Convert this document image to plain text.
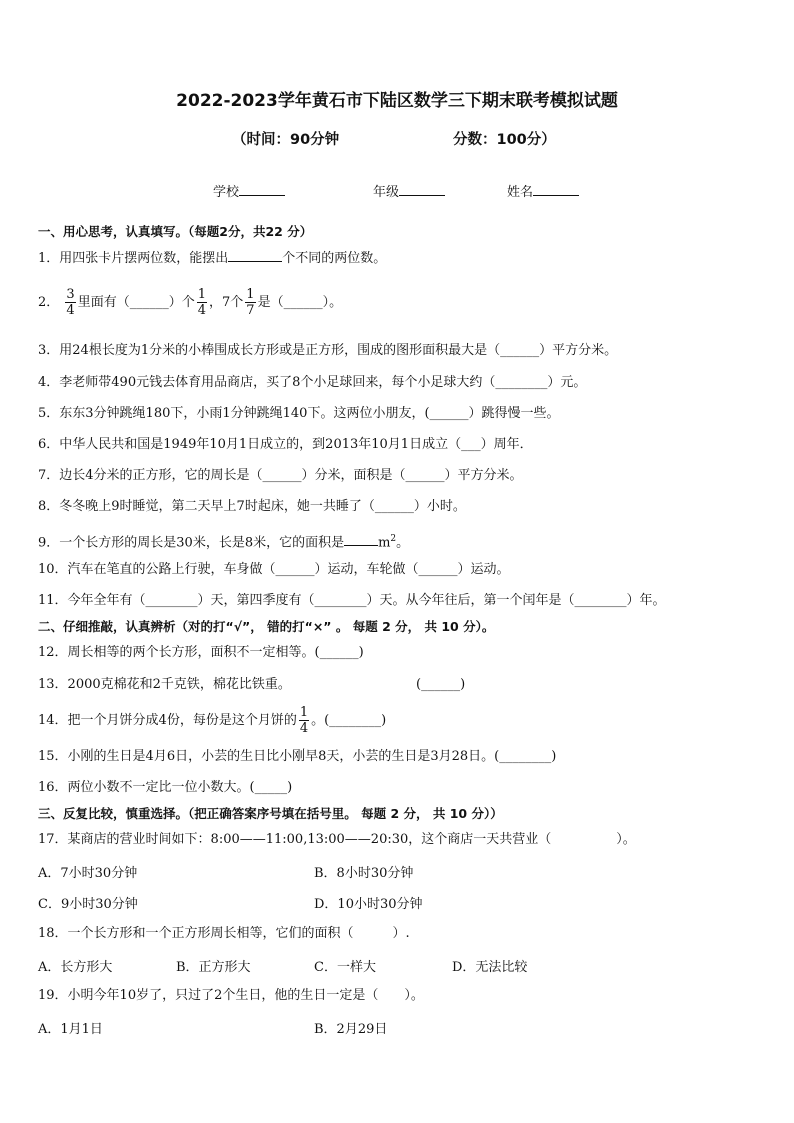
2022-2023学年黄石市下陆区数学三下期末联考模拟试题
（时间：90分钟	分数：100分）
学校	年级	姓名
一、用心思考，认真填写。（每题2分，共22 分）
1．用四张卡片摆两位数，能摆出	个不同的两位数。
2． $\frac{3}{4}$ 里面有（______）个 $\frac{1}{4}$ ，7个 $\frac{1}{7}$ 是（______）。
3．用24根长度为1分米的小棒围成长方形或是正方形，围成的图形面积最大是（______）平方分米。
4．李老师带490元钱去体育用品商店，买了8个小足球回来，每个小足球大约（________）元。
5．东东3分钟跳绳180下，小雨1分钟跳绳140下。这两位小朋友，(______）跳得慢一些。
6．中华人民共和国是1949年10月1日成立的，到2013年10月1日成立（___）周年．
7．边长4分米的正方形，它的周长是（______）分米，面积是（______）平方分米。
8．冬冬晚上9时睡觉，第二天早上7时起床，她一共睡了（______）小时。
9．一个长方形的周长是30米，长是8米，它的面积是	$m^2$。
10．汽车在笔直的公路上行驶，车身做（______）运动，车轮做（______）运动。
11．今年全年有（________）天，第四季度有（________）天。从今年往后，第一个闰年是（________）年。
二、仔细推敲，认真辨析（对的打“√”， 错的打“×” 。 每题 2 分， 共 10 分）。
12．周长相等的两个长方形，面积不一定相等。(______)
13．2000克棉花和2千克铁，棉花比铁重。	(______)
14．把一个月饼分成4份，每份是这个月饼的 $\frac{1}{4}$ 。(________)
15．小刚的生日是4月6日，小芸的生日比小刚早8天，小芸的生日是3月28日。(________)
16．两位小数不一定比一位小数大。(_____)
三、反复比较，慎重选择。（把正确答案序号填在括号里。 每题 2 分， 共 10 分））
17．某商店的营业时间如下：8:00——11:00,13:00——20:30，这个商店一天共营业（　　　　　）。
A．7小时30分钟	B．8小时30分钟
C．9小时30分钟	D．10小时30分钟
18．一个长方形和一个正方形周长相等，它们的面积（　　　）.
A．长方形大	B．正方形大	C．一样大	D．无法比较
19．小明今年10岁了，只过了2个生日，他的生日一定是（　　）。
A．1月1日	B．2月29日
